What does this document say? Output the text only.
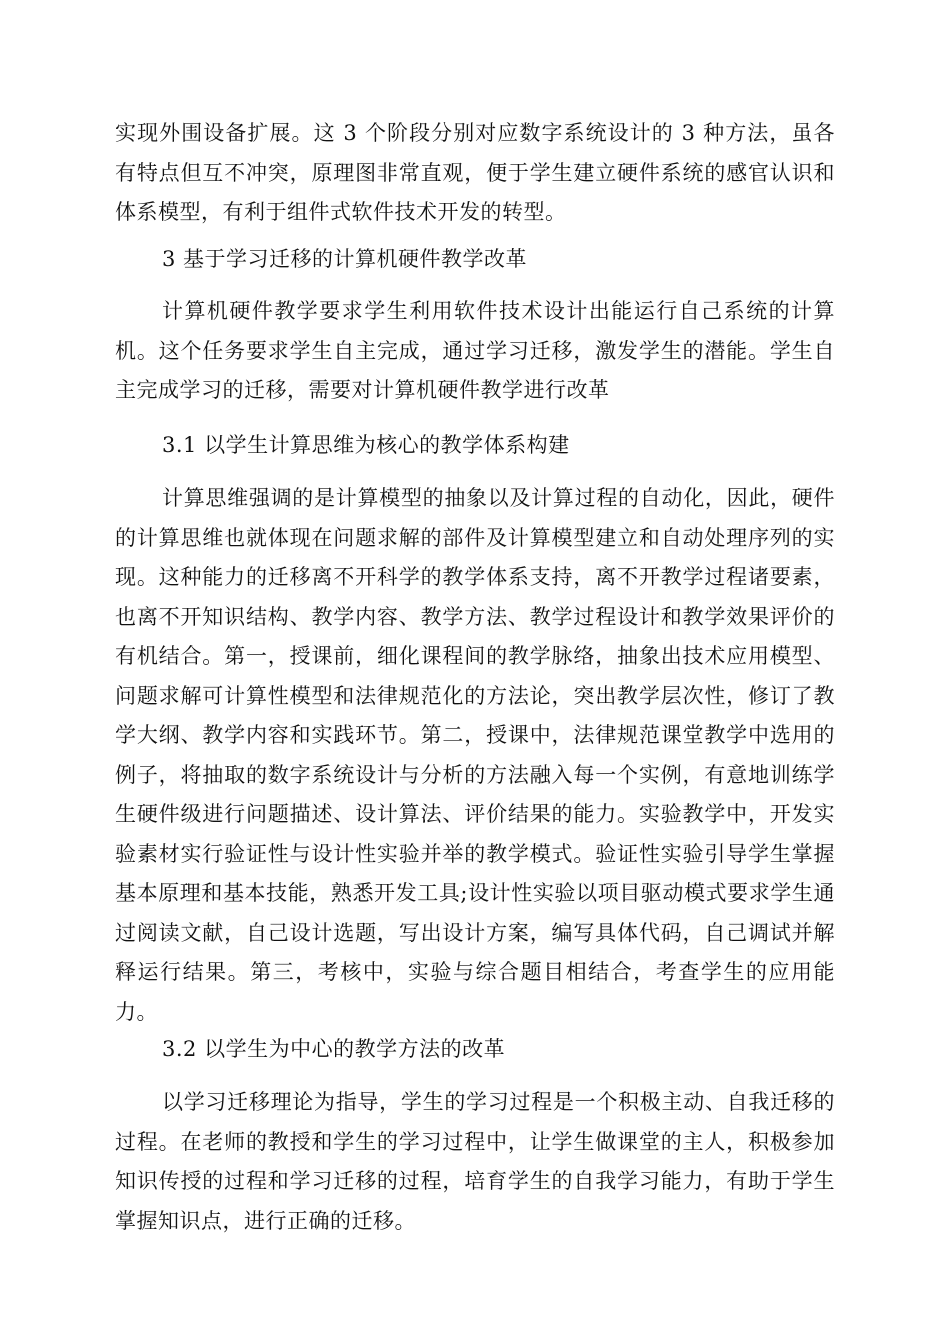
实现外围设备扩展。这 3 个阶段分别对应数字系统设计的 3 种方法，虽各有特点但互不冲突，原理图非常直观，便于学生建立硬件系统的感官认识和体系模型，有利于组件式软件技术开发的转型。

3 基于学习迁移的计算机硬件教学改革

计算机硬件教学要求学生利用软件技术设计出能运行自己系统的计算机。这个任务要求学生自主完成，通过学习迁移，激发学生的潜能。学生自主完成学习的迁移，需要对计算机硬件教学进行改革

3.1 以学生计算思维为核心的教学体系构建

计算思维强调的是计算模型的抽象以及计算过程的自动化，因此，硬件的计算思维也就体现在问题求解的部件及计算模型建立和自动处理序列的实现。这种能力的迁移离不开科学的教学体系支持，离不开教学过程诸要素，也离不开知识结构、教学内容、教学方法、教学过程设计和教学效果评价的有机结合。第一，授课前，细化课程间的教学脉络，抽象出技术应用模型、问题求解可计算性模型和法律规范化的方法论，突出教学层次性，修订了教学大纲、教学内容和实践环节。第二，授课中，法律规范课堂教学中选用的例子，将抽取的数字系统设计与分析的方法融入每一个实例，有意地训练学生硬件级进行问题描述、设计算法、评价结果的能力。实验教学中，开发实验素材实行验证性与设计性实验并举的教学模式。验证性实验引导学生掌握基本原理和基本技能，熟悉开发工具;设计性实验以项目驱动模式要求学生通过阅读文献，自己设计选题，写出设计方案，编写具体代码，自己调试并解释运行结果。第三，考核中，实验与综合题目相结合，考查学生的应用能力。

3.2 以学生为中心的教学方法的改革

以学习迁移理论为指导，学生的学习过程是一个积极主动、自我迁移的过程。在老师的教授和学生的学习过程中，让学生做课堂的主人，积极参加知识传授的过程和学习迁移的过程，培育学生的自我学习能力，有助于学生掌握知识点，进行正确的迁移。
